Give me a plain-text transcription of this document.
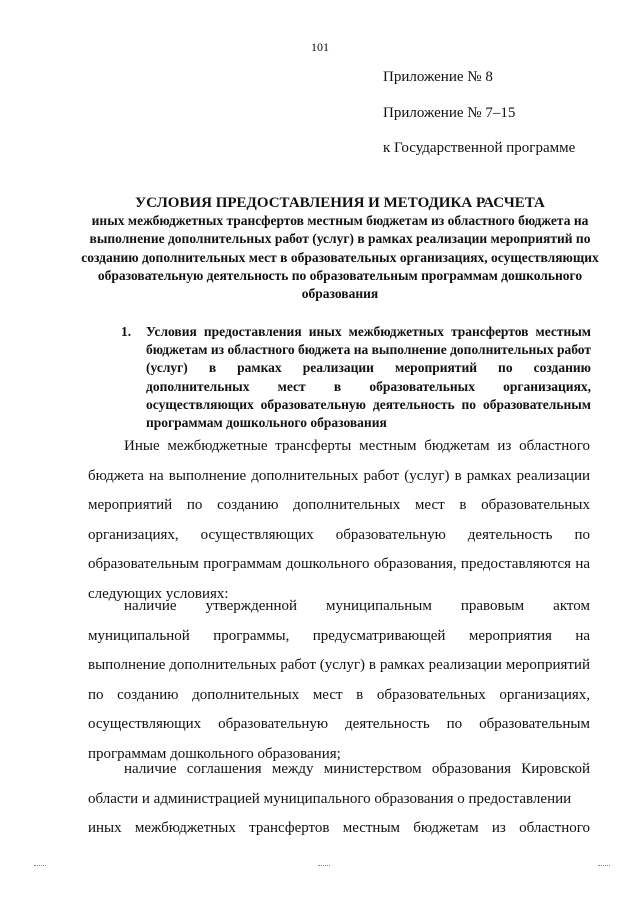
101
Приложение № 8
Приложение № 7–15
к Государственной программе
УСЛОВИЯ ПРЕДОСТАВЛЕНИЯ И МЕТОДИКА РАСЧЕТА
иных межбюджетных трансфертов местным бюджетам из областного бюджета на выполнение дополнительных работ (услуг) в рамках реализации мероприятий по созданию дополнительных мест в образовательных организациях, осуществляющих образовательную деятельность по образовательным программам дошкольного образования
1. Условия предоставления иных межбюджетных трансфертов местным бюджетам из областного бюджета на выполнение дополнительных работ (услуг) в рамках реализации мероприятий по созданию дополнительных мест в образовательных организациях, осуществляющих образовательную деятельность по образовательным программам дошкольного образования

Иные межбюджетные трансферты местным бюджетам из областного бюджета на выполнение дополнительных работ (услуг) в рамках реализации мероприятий по созданию дополнительных мест в образовательных организациях, осуществляющих образовательную деятельность по образовательным программам дошкольного образования, предоставляются на следующих условиях:

наличие утвержденной муниципальным правовым актом муниципальной программы, предусматривающей мероприятия на выполнение дополнительных работ (услуг) в рамках реализации мероприятий по созданию дополнительных мест в образовательных организациях, осуществляющих образовательную деятельность по образовательным программам дошкольного образования;

наличие соглашения между министерством образования Кировской области и администрацией муниципального образования о предоставлении

иных межбюджетных трансфертов местным бюджетам из областного
